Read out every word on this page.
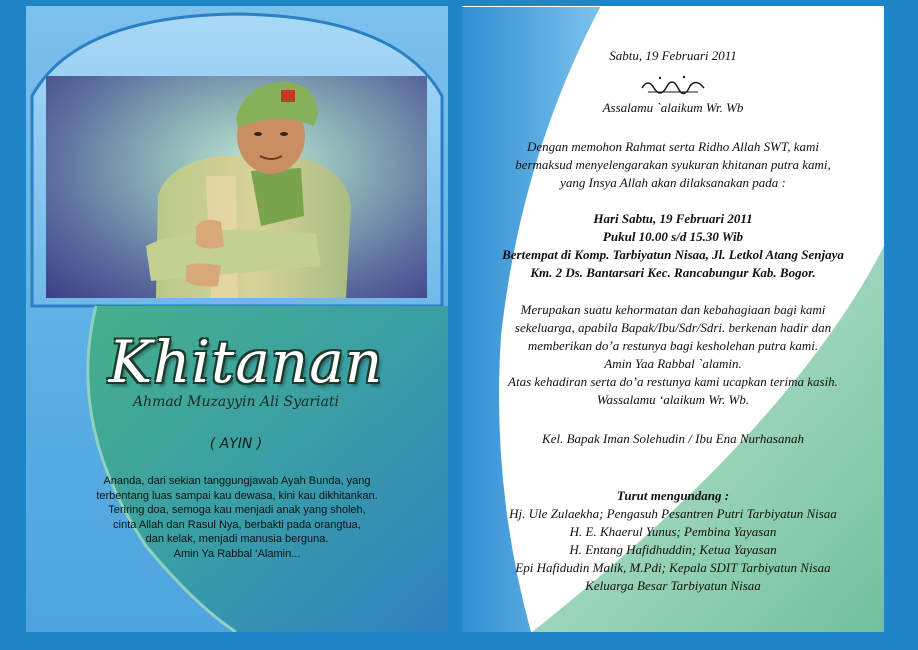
Khitanan
Ahmad Muzayyin Ali Syariati
( AYIN )
Ananda, dari sekian tanggungjawab Ayah Bunda, yang
terbentang luas sampai kau dewasa, kini kau dikhitankan.
Teriring doa, semoga kau menjadi anak yang sholeh,
cinta Allah dan Rasul Nya, berbakti pada orangtua,
dan kelak, menjadi manusia berguna.
Amin Ya Rabbal ‘Alamin...
Sabtu, 19 Februari 2011
Assalamu `alaikum Wr. Wb
Dengan memohon Rahmat serta Ridho Allah SWT, kami
bermaksud menyelengarakan syukuran khitanan putra kami,
yang Insya Allah akan dilaksanakan pada :
Hari Sabtu, 19 Februari 2011
Pukul 10.00 s/d 15.30 Wib
Bertempat di Komp. Tarbiyatun Nisaa, Jl. Letkol Atang Senjaya
Km. 2 Ds. Bantarsari Kec. Rancabungur Kab. Bogor.
Merupakan suatu kehormatan dan kebahagiaan bagi kami
sekeluarga, apabila Bapak/Ibu/Sdr/Sdri. berkenan hadir dan
memberikan do’a restunya bagi kesholehan putra kami.
Amin Yaa Rabbal `alamin.
Atas kehadiran serta do’a restunya kami ucapkan terima kasih.
Wassalamu ‘alaikum Wr. Wb.
Kel. Bapak Iman Solehudin / Ibu Ena Nurhasanah
Turut mengundang :
Hj. Ule Zulaekha; Pengasuh Pesantren Putri Tarbiyatun Nisaa
H. E. Khaerul Yunus; Pembina Yayasan
H. Entang Hafidhuddin; Ketua Yayasan
Epi Hafidudin Malik, M.Pdi; Kepala SDIT Tarbiyatun Nisaa
Keluarga Besar Tarbiyatun Nisaa
